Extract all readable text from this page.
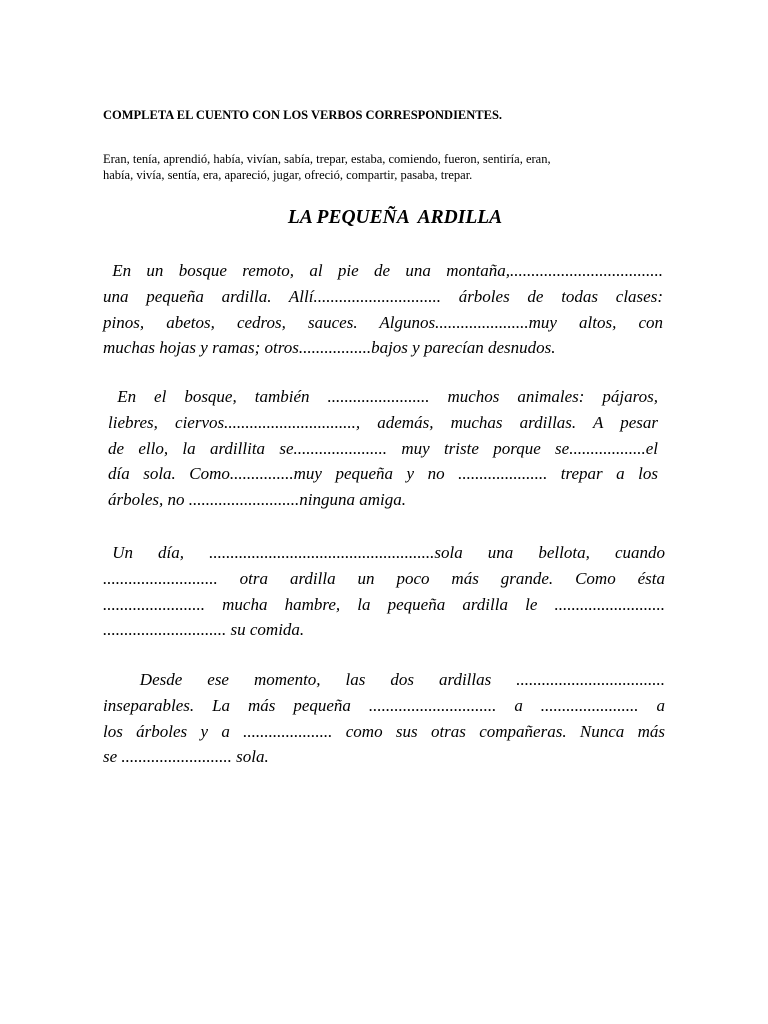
COMPLETA EL CUENTO CON LOS VERBOS CORRESPONDIENTES.
Eran, tenía, aprendió, había, vivían, sabía, trepar, estaba, comiendo, fueron, sentiría, eran,
había, vivía, sentía, era, apareció, jugar, ofreció, compartir, pasaba, trepar.
LA PEQUEÑA  ARDILLA
En un bosque remoto, al pie de una montaña,....................................
una pequeña ardilla. Allí.............................. árboles de todas clases:
pinos, abetos, cedros, sauces. Algunos......................muy altos, con
muchas hojas y ramas; otros.................bajos y parecían desnudos.
En el bosque, también ........................ muchos animales: pájaros,
liebres, ciervos..............................., además, muchas ardillas. A pesar
de ello, la ardillita se...................... muy triste porque se..................el
día sola. Como...............muy pequeña y no ..................... trepar a los
árboles, no ..........................ninguna amiga.
Un día, .....................................................sola una bellota, cuando
........................... otra ardilla un poco más grande. Como ésta
........................ mucha hambre, la pequeña ardilla le ..........................
............................. su comida.
Desde ese momento, las dos ardillas ...................................
inseparables. La más pequeña .............................. a ....................... a
los árboles y a ..................... como sus otras compañeras. Nunca más
se .......................... sola.
